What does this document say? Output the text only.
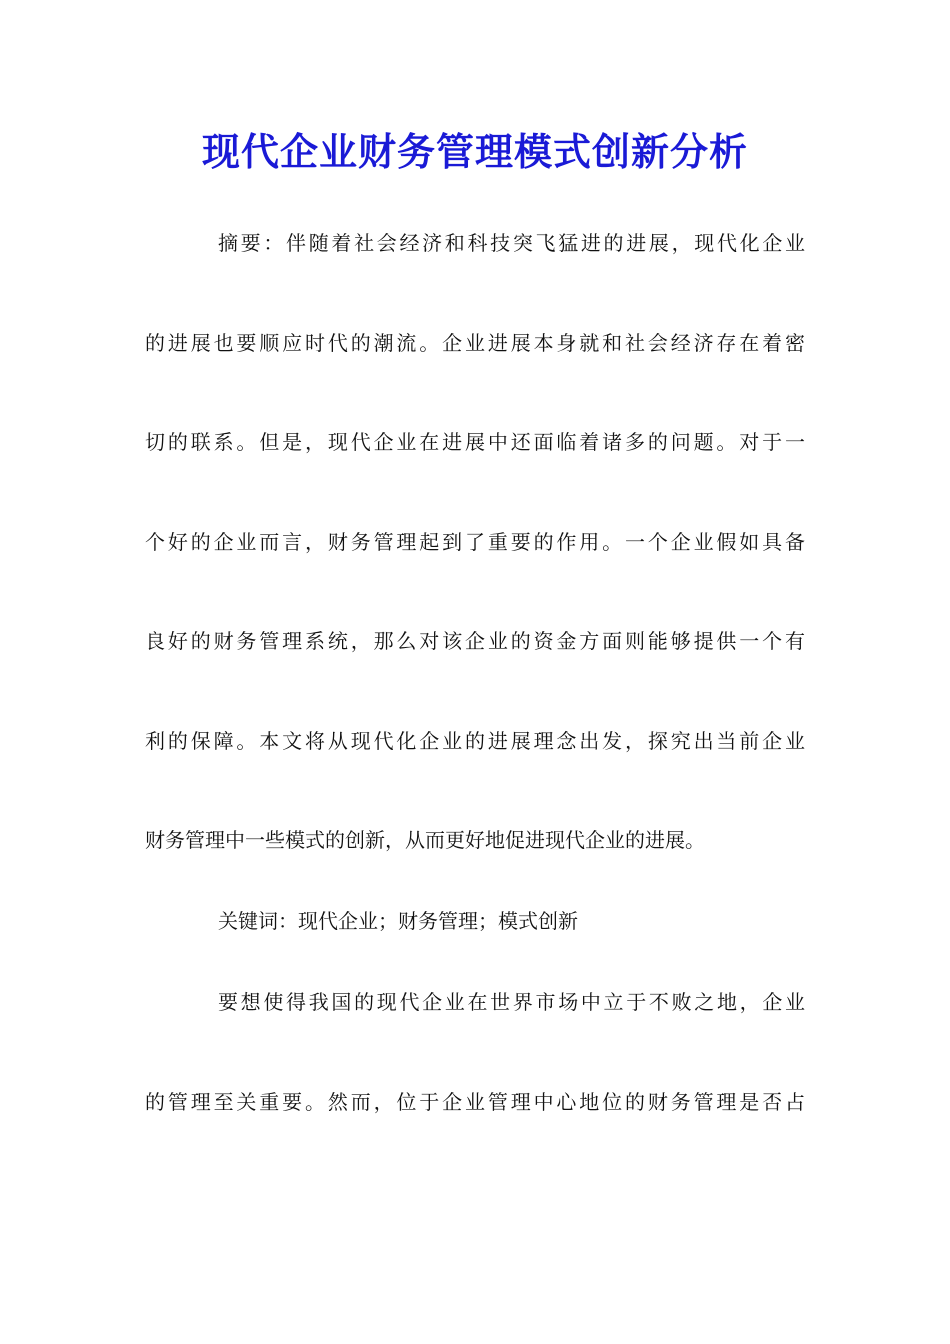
现代企业财务管理模式创新分析
摘要：伴随着社会经济和科技突飞猛进的进展，现代化企业
的进展也要顺应时代的潮流。企业进展本身就和社会经济存在着密
切的联系。但是，现代企业在进展中还面临着诸多的问题。对于一
个好的企业而言，财务管理起到了重要的作用。一个企业假如具备
良好的财务管理系统，那么对该企业的资金方面则能够提供一个有
利的保障。本文将从现代化企业的进展理念出发，探究出当前企业
财务管理中一些模式的创新，从而更好地促进现代企业的进展。
关键词：现代企业；财务管理；模式创新
要想使得我国的现代企业在世界市场中立于不败之地，企业
的管理至关重要。然而，位于企业管理中心地位的财务管理是否占
